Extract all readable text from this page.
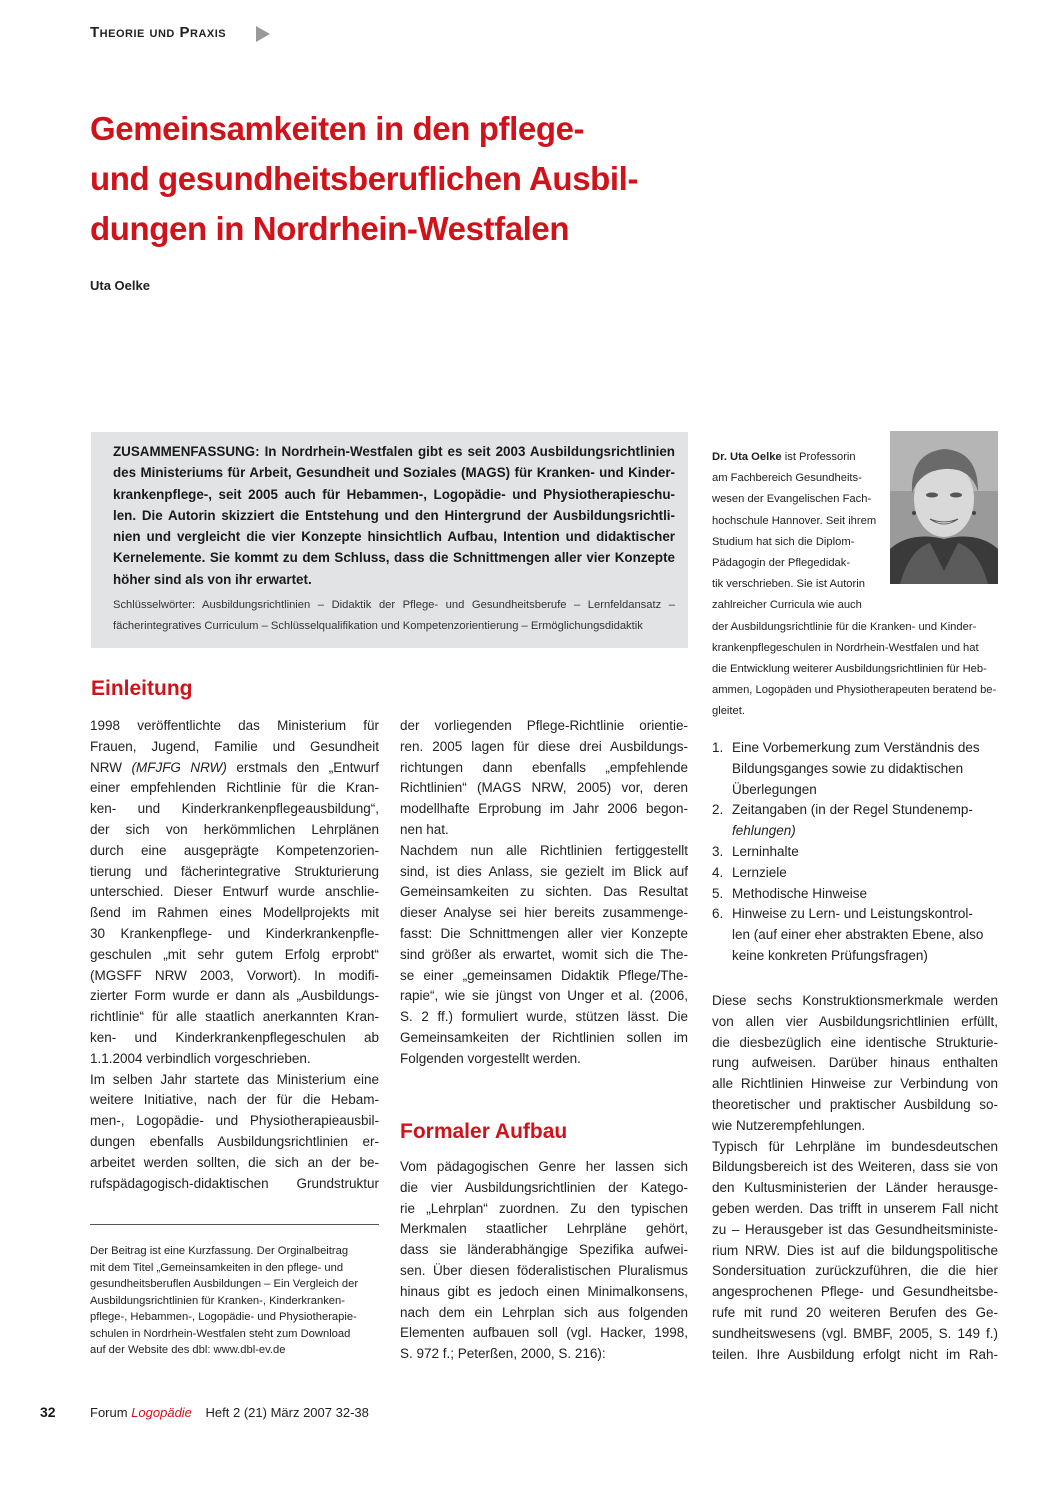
Theorie und Praxis
Gemeinsamkeiten in den pflege-
und gesundheitsberuflichen Ausbil-
dungen in Nordrhein-Westfalen
Uta Oelke
ZUSAMMENFASSUNG: In Nordrhein-Westfalen gibt es seit 2003 Ausbildungsrichtlinien
des Ministeriums für Arbeit, Gesundheit und Soziales (MAGS) für Kranken- und Kinder-
krankenpflege-, seit 2005 auch für Hebammen-, Logopädie- und Physiotherapieschu-
len. Die Autorin skizziert die Entstehung und den Hintergrund der Ausbildungsrichtli-
nien und vergleicht die vier Konzepte hinsichtlich Aufbau, Intention und didaktischer
Kernelemente. Sie kommt zu dem Schluss, dass die Schnittmengen aller vier Konzepte
höher sind als von ihr erwartet.
Schlüsselwörter: Ausbildungsrichtlinien – Didaktik der Pflege- und Gesundheitsberufe – Lernfeldansatz –
fächerintegratives Curriculum – Schlüsselqualifikation und Kompetenzorientierung – Ermöglichungsdidaktik
Dr. Uta Oelke ist Professorin
am Fachbereich Gesundheits-
wesen der Evangelischen Fach-
hochschule Hannover. Seit ihrem
Studium hat sich die Diplom-
Pädagogin der Pflegedidak-
tik verschrieben. Sie ist Autorin
zahlreicher Curricula wie auch
der Ausbildungsrichtlinie für die Kranken- und Kinder-
krankenpflegeschulen in Nordrhein-Westfalen und hat
die Entwicklung weiterer Ausbildungsrichtlinien für Heb-
ammen, Logopäden und Physiotherapeuten beratend be-
gleitet.
Einleitung
1998 veröffentlichte das Ministerium für
Frauen, Jugend, Familie und Gesundheit
NRW (MFJFG NRW) erstmals den „Entwurf
einer empfehlenden Richtlinie für die Kran-
ken- und Kinderkrankenpflegeausbildung“,
der sich von herkömmlichen Lehrplänen
durch eine ausgeprägte Kompetenzorien-
tierung und fächerintegrative Strukturierung
unterschied. Dieser Entwurf wurde anschlie-
ßend im Rahmen eines Modellprojekts mit
30 Krankenpflege- und Kinderkrankenpfle-
geschulen „mit sehr gutem Erfolg erprobt“
(MGSFF NRW 2003, Vorwort). In modifi-
zierter Form wurde er dann als „Ausbildungs-
richtlinie“ für alle staatlich anerkannten Kran-
ken- und Kinderkrankenpflegeschulen ab
1.1.2004 verbindlich vorgeschrieben.
Im selben Jahr startete das Ministerium eine
weitere Initiative, nach der für die Hebam-
men-, Logopädie- und Physiotherapieausbil-
dungen ebenfalls Ausbildungsrichtlinien er-
arbeitet werden sollten, die sich an der be-
rufspädagogisch-didaktischen Grundstruktur
Der Beitrag ist eine Kurzfassung. Der Orginalbeitrag
mit dem Titel „Gemeinsamkeiten in den pflege- und
gesundheitsberuflen Ausbildungen – Ein Vergleich der
Ausbildungsrichtlinien für Kranken-, Kinderkranken-
pflege-, Hebammen-, Logopädie- und Physiotherapie-
schulen in Nordrhein-Westfalen steht zum Download
auf der Website des dbl: www.dbl-ev.de
der vorliegenden Pflege-Richtlinie orientie-
ren. 2005 lagen für diese drei Ausbildungs-
richtungen dann ebenfalls „empfehlende
Richtlinien“ (MAGS NRW, 2005) vor, deren
modellhafte Erprobung im Jahr 2006 begon-
nen hat.
Nachdem nun alle Richtlinien fertiggestellt
sind, ist dies Anlass, sie gezielt im Blick auf
Gemeinsamkeiten zu sichten. Das Resultat
dieser Analyse sei hier bereits zusammenge-
fasst: Die Schnittmengen aller vier Konzepte
sind größer als erwartet, womit sich die The-
se einer „gemeinsamen Didaktik Pflege/The-
rapie“, wie sie jüngst von Unger et al. (2006,
S. 2 ff.) formuliert wurde, stützen lässt. Die
Gemeinsamkeiten der Richtlinien sollen im
Folgenden vorgestellt werden.
Formaler Aufbau
Vom pädagogischen Genre her lassen sich
die vier Ausbildungsrichtlinien der Katego-
rie „Lehrplan“ zuordnen. Zu den typischen
Merkmalen staatlicher Lehrpläne gehört,
dass sie länderabhängige Spezifika aufwei-
sen. Über diesen föderalistischen Pluralismus
hinaus gibt es jedoch einen Minimalkonsens,
nach dem ein Lehrplan sich aus folgenden
Elementen aufbauen soll (vgl. Hacker, 1998,
S. 972 f.; Peterßen, 2000, S. 216):
1. Eine Vorbemerkung zum Verständnis des
Bildungsganges sowie zu didaktischen
Überlegungen
2. Zeitangaben (in der Regel Stundenemp-
fehlungen)
3. Lerninhalte
4. Lernziele
5. Methodische Hinweise
6. Hinweise zu Lern- und Leistungskontrol-
len (auf einer eher abstrakten Ebene, also
keine konkreten Prüfungsfragen)
Diese sechs Konstruktionsmerkmale werden
von allen vier Ausbildungsrichtlinien erfüllt,
die diesbezüglich eine identische Strukturie-
rung aufweisen. Darüber hinaus enthalten
alle Richtlinien Hinweise zur Verbindung von
theoretischer und praktischer Ausbildung so-
wie Nutzerempfehlungen.
Typisch für Lehrpläne im bundesdeutschen
Bildungsbereich ist des Weiteren, dass sie von
den Kultusministerien der Länder herausge-
geben werden. Das trifft in unserem Fall nicht
zu – Herausgeber ist das Gesundheitsministe-
rium NRW. Dies ist auf die bildungspolitische
Sondersituation zurückzuführen, die die hier
angesprochenen Pflege- und Gesundheitsbe-
rufe mit rund 20 weiteren Berufen des Ge-
sundheitswesens (vgl. BMBF, 2005, S. 149 f.)
teilen. Ihre Ausbildung erfolgt nicht im Rah-
32	Forum Logopädie Heft 2 (21) März 2007 32-38
